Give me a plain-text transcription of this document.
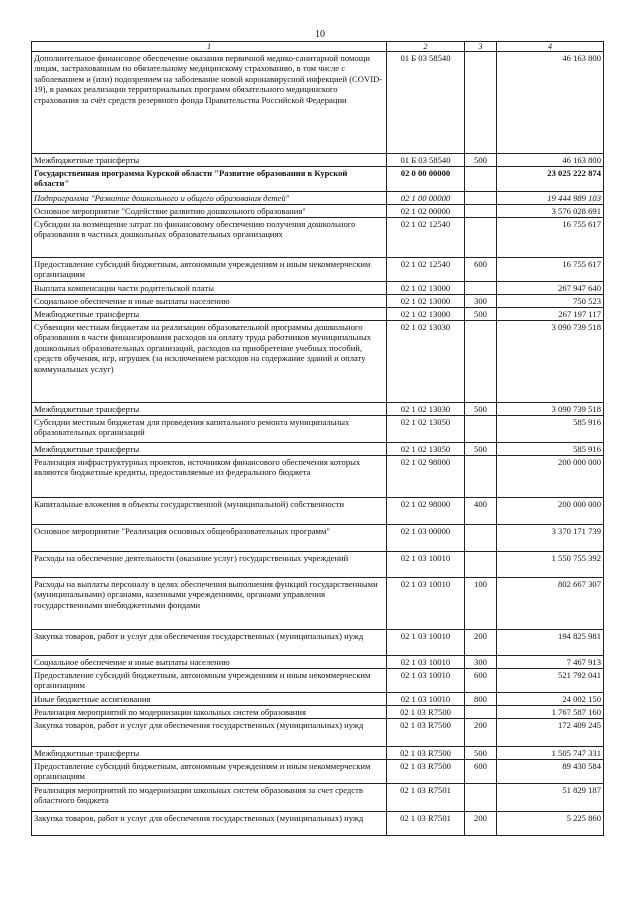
10
1	2	3	4
Дополнительное финансовое обеспечение оказания первичной медико-санитарной помощи лицам, застрахованным по обязательному медицинскому страхованию, в том числе с заболеванием и (или) подозрением на заболевание новой коронавирусной инфекцией (COVID-19), в рамках реализации территориальных программ обязательного медицинского страхования за счёт средств резервного фонда Правительства Российской Федерации	01 Б 03 58540		46 163 800
Межбюджетные трансферты	01 Б 03 58540	500	46 163 800
Государственная программа Курской области "Развитие образования в Курской области"	02 0 00 00000		23 025 222 874
Подпрограмма "Развитие дошкольного и общего образования детей"	02 1 00 00000		19 444 989 103
Основное мероприятие "Содействие развитию дошкольного образования"	02 1 02 00000		3 576 028 691
Субсидии на возмещение затрат по финансовому обеспечению получения дошкольного образования в частных дошкольных образовательных организациях	02 1 02 12540		16 755 617
Предоставление субсидий бюджетным, автономным учреждениям и иным некоммерческим организациям	02 1 02 12540	600	16 755 617
Выплата компенсации части родительской платы	02 1 02 13000		267 947 640
Социальное обеспечение и иные выплаты населению	02 1 02 13000	300	750 523
Межбюджетные трансферты	02 1 02 13000	500	267 197 117
Субвенции местным бюджетам на реализацию образовательной программы дошкольного образования в части финансирования расходов на оплату труда работников муниципальных дошкольных образовательных организаций, расходов на приобретение учебных пособий, средств обучения, игр, игрушек (за исключением расходов на содержание зданий и оплату коммунальных услуг)	02 1 02 13030		3 090 739 518
Межбюджетные трансферты	02 1 02 13030	500	3 090 739 518
Субсидии местным бюджетам для проведения капитального ремонта муниципальных образовательных организаций	02 1 02 13050		585 916
Межбюджетные трансферты	02 1 02 13050	500	585 916
Реализация инфраструктурных проектов, источником финансового обеспечения которых являются бюджетные кредиты, предоставляемые из федерального бюджета	02 1 02 98000		200 000 000
Капитальные вложения в объекты государственной (муниципальной) собственности	02 1 02 98000	400	200 000 000
Основное мероприятие "Реализация основных общеобразовательных программ"	02 1 03 00000		3 370 171 739
Расходы на обеспечение деятельности (оказание услуг) государственных учреждений	02 1 03 10010		1 550 755 392
Расходы на выплаты персоналу в целях обеспечения выполнения функций государственными (муниципальными) органами, казенными учреждениями, органами управления государственными внебюджетными фондами	02 1 03 10010	100	802 667 307
Закупка товаров, работ и услуг для обеспечения государственных (муниципальных) нужд	02 1 03 10010	200	194 825 981
Социальное обеспечение и иные выплаты населению	02 1 03 10010	300	7 467 913
Предоставление субсидий бюджетным, автономным учреждениям и иным некоммерческим организациям	02 1 03 10010	600	521 792 041
Иные бюджетные ассигнования	02 1 03 10010	800	24 002 150
Реализация мероприятий по модернизации школьных систем образования	02 1 03 R7500		1 767 587 160
Закупка товаров, работ и услуг для обеспечения государственных (муниципальных) нужд	02 1 03 R7500	200	172 409 245
Межбюджетные трансферты	02 1 03 R7500	500	1 505 747 331
Предоставление субсидий бюджетным, автономным учреждениям и иным некоммерческим организациям	02 1 03 R7500	600	89 430 584
Реализация мероприятий по модернизации школьных систем образования за счет средств областного бюджета	02 1 03 R7501		51 829 187
Закупка товаров, работ и услуг для обеспечения государственных (муниципальных) нужд	02 1 03 R7501	200	5 225 860
